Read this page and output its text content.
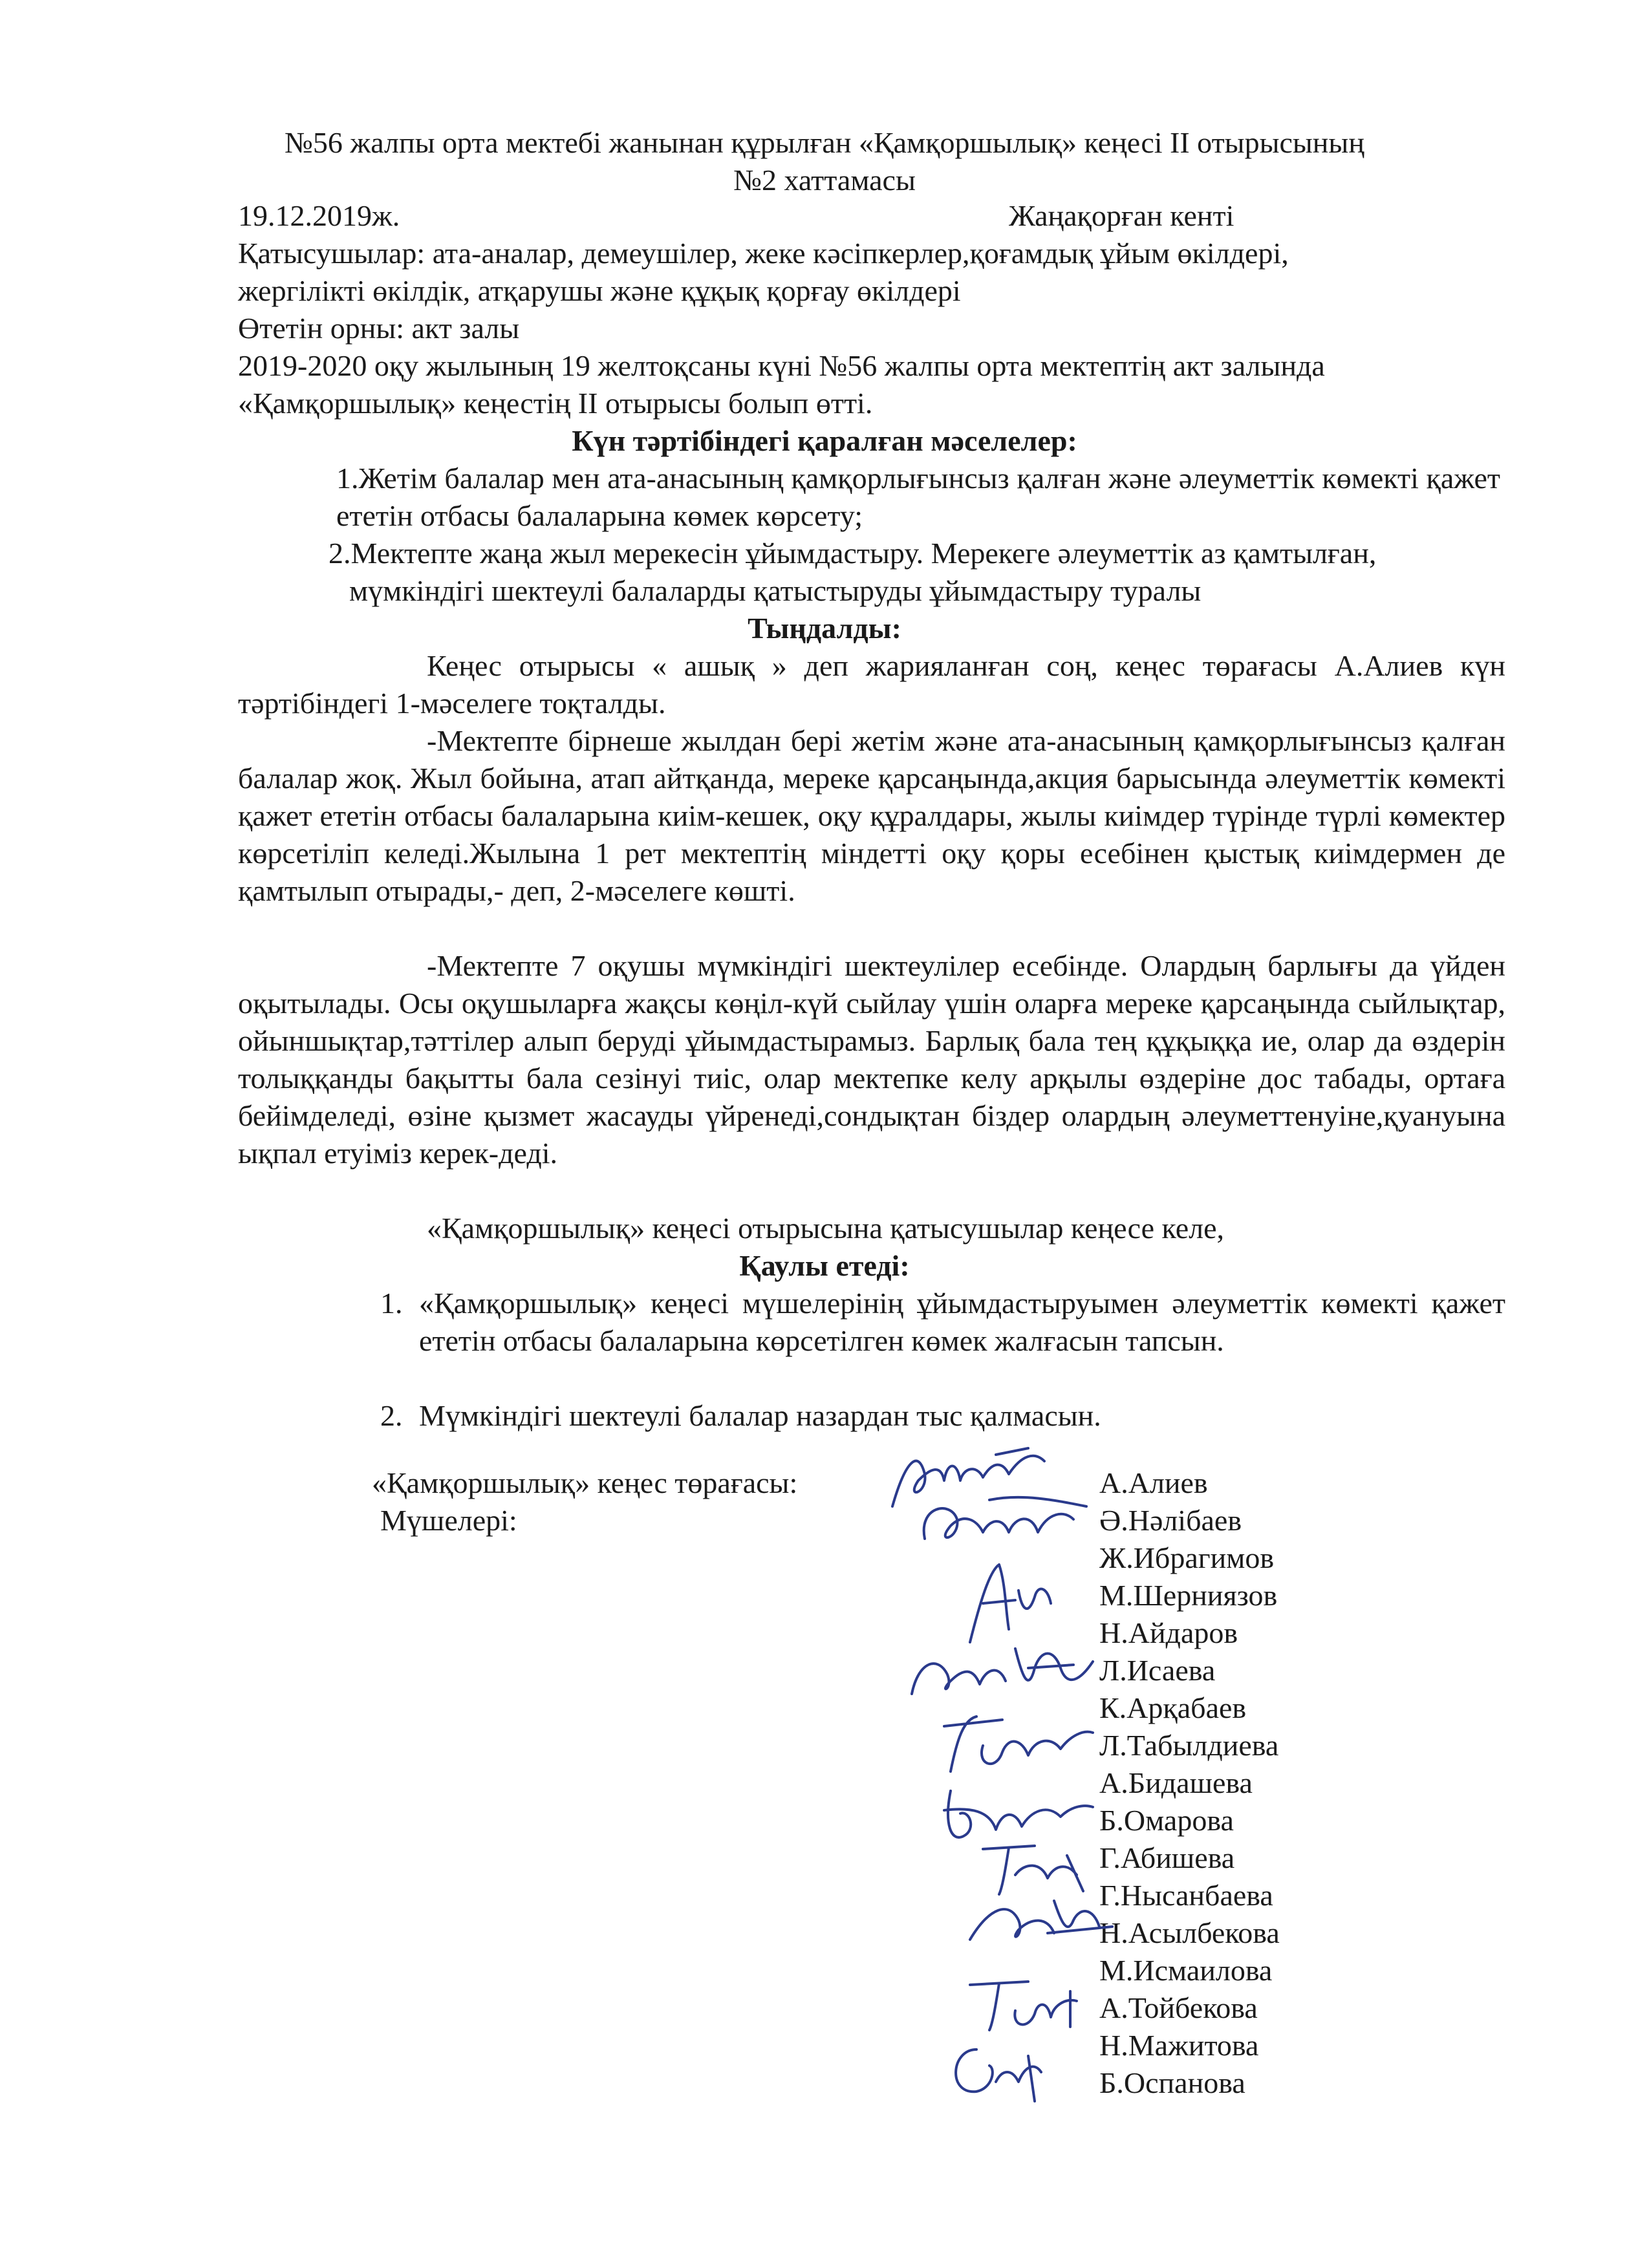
№56 жалпы орта мектебі жанынан құрылған «Қамқоршылық» кеңесі ІІ отырысының
№2 хаттамасы
19.12.2019ж.	Жаңақорған кенті
Қатысушылар: ата-аналар, демеушілер, жеке кәсіпкерлер,қоғамдық ұйым өкілдері,
жергілікті өкілдік, атқарушы және құқық қорғау өкілдері
Өтетін орны: акт залы
2019-2020 оқу жылының 19 желтоқсаны күні №56 жалпы орта мектептің акт залында
«Қамқоршылық» кеңестің ІІ отырысы болып өтті.
Күн тәртібіндегі қаралған мәселелер:
1.Жетім балалар мен ата-анасының қамқорлығынсыз қалған және әлеуметтік көмекті қажет ететін отбасы балаларына көмек көрсету;
2.Мектепте жаңа жыл мерекесін ұйымдастыру. Мерекеге әлеуметтік аз қамтылған,
мүмкіндігі шектеулі балаларды қатыстыруды ұйымдастыру туралы
Тыңдалды:
Кеңес отырысы « ашық » деп жарияланған соң, кеңес төрағасы А.Алиев күн тәртібіндегі 1-мәселеге тоқталды.
-Мектепте бірнеше жылдан бері жетім және ата-анасының қамқорлығынсыз қалған балалар жоқ. Жыл бойына, атап айтқанда, мереке қарсаңында,акция барысында әлеуметтік көмекті қажет ететін отбасы балаларына киім-кешек, оқу құралдары, жылы киімдер түрінде түрлі көмектер көрсетіліп келеді.Жылына 1 рет мектептің міндетті оқу қоры есебінен қыстық киімдермен де қамтылып отырады,- деп, 2-мәселеге көшті.
-Мектепте 7 оқушы мүмкіндігі шектеулілер есебінде. Олардың барлығы да үйден оқытылады. Осы оқушыларға жақсы көңіл-күй сыйлау үшін оларға мереке қарсаңында сыйлықтар, ойыншықтар,тәттілер алып беруді ұйымдастырамыз. Барлық бала тең құқыққа ие, олар да өздерін толыққанды бақытты бала сезінуі тиіс, олар мектепке келу арқылы өздеріне дос табады, ортаға бейімделеді, өзіне қызмет жасауды үйренеді,сондықтан біздер олардың әлеуметтенуіне,қуануына ықпал етуіміз керек-деді.
«Қамқоршылық» кеңесі отырысына қатысушылар кеңесе келе,
Қаулы етеді:
1. «Қамқоршылық» кеңесі мүшелерінің ұйымдастыруымен әлеуметтік көмекті қажет ететін отбасы балаларына көрсетілген көмек жалғасын тапсын.
2. Мүмкіндігі шектеулі балалар назардан тыс қалмасын.
«Қамқоршылық» кеңес төрағасы:
Мүшелері:
А.Алиев
Ә.Нәлібаев
Ж.Ибрагимов
М.Шерниязов
Н.Айдаров
Л.Исаева
К.Арқабаев
Л.Табылдиева
А.Бидашева
Б.Омарова
Г.Абишева
Г.Нысанбаева
Н.Асылбекова
М.Исмаилова
А.Тойбекова
Н.Мажитова
Б.Оспанова
